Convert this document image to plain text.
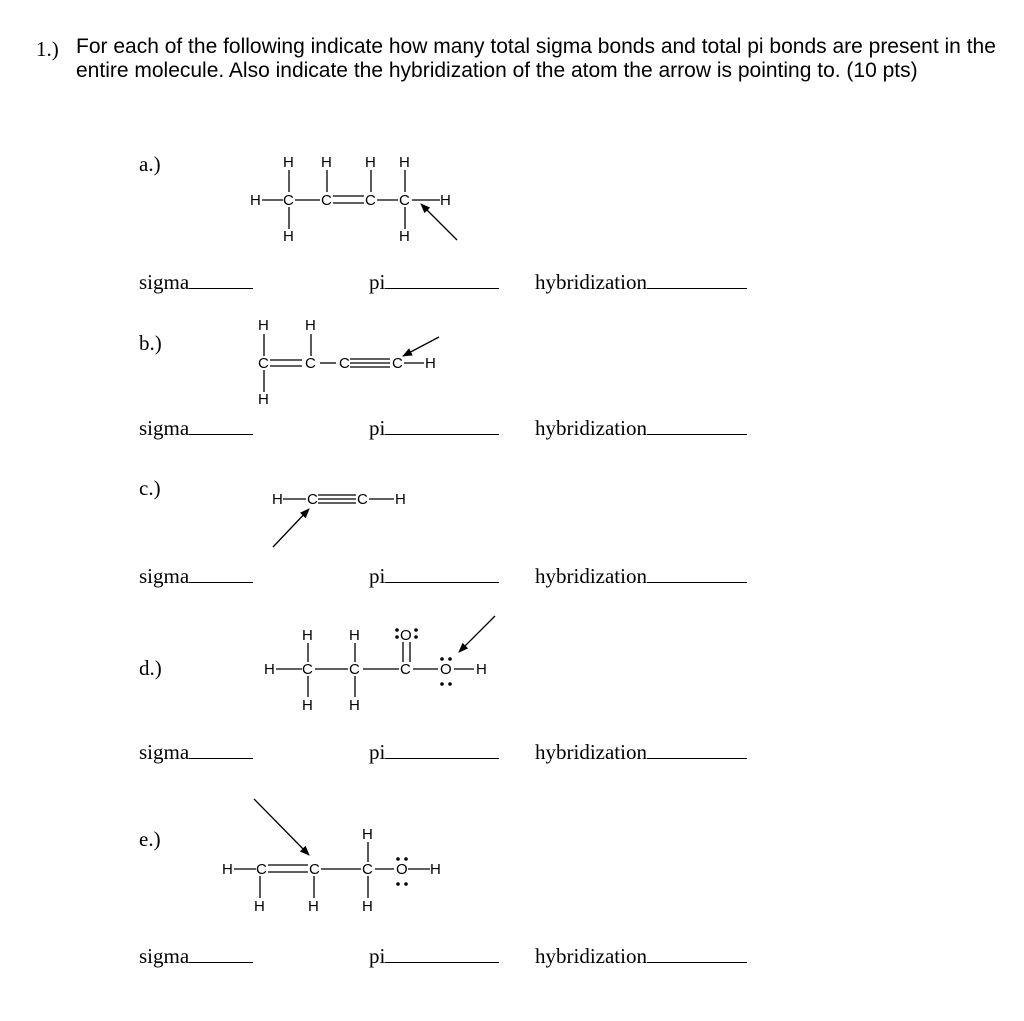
1.) For each of the following indicate how many total sigma bonds and total pi bonds are present in the entire molecule. Also indicate the hybridization of the atom the arrow is pointing to. (10 pts)
a.)
b.)
c.)
d.)
e.)
sigma	pi	hybridization
sigma	pi	hybridization
sigma	pi	hybridization
sigma	pi	hybridization
sigma	pi	hybridization
H C C C C H
H H H H
H	H
H H
C C C	C H
H
H C	C H
H C C	C O H
H H	O
H H
H C	C	C O H
H
H	H	H
